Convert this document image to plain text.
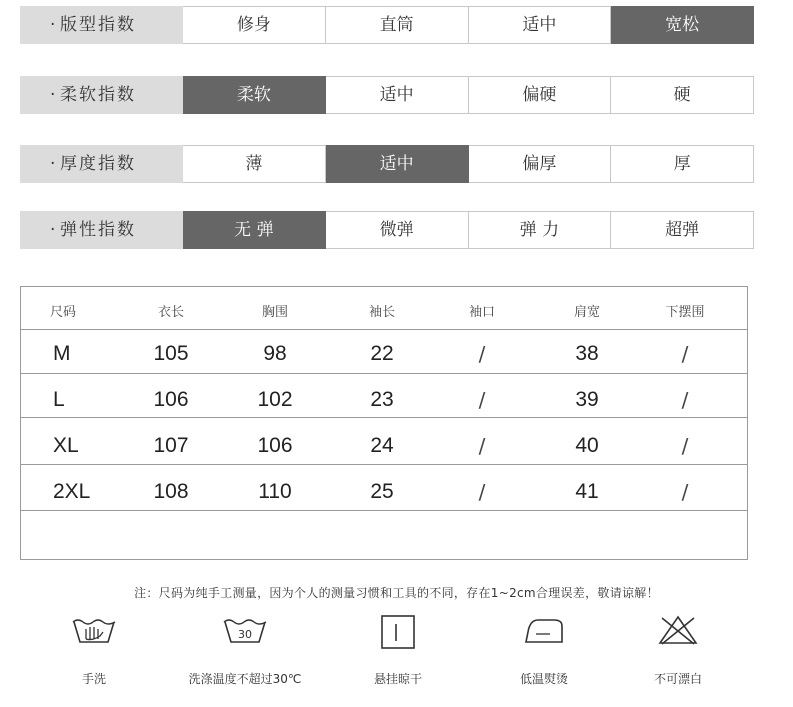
· 版型指数	修身	直筒	适中	宽松
· 柔软指数	柔软	适中	偏硬	硬
· 厚度指数	薄	适中	偏厚	厚
· 弹性指数	无 弹	微弹	弹 力	超弹
尺码	衣长	胸围	袖长	袖口	肩宽	下摆围
M	105	98	22	/	38	/
L	106	102	23	/	39	/
XL	107	106	24	/	40	/
2XL	108	110	25	/	41	/
注：尺码为纯手工测量，因为个人的测量习惯和工具的不同，存在1~2cm合理误差，敬请谅解！
手洗
30
洗涤温度不超过30℃	悬挂晾干	低温熨烫	不可漂白
